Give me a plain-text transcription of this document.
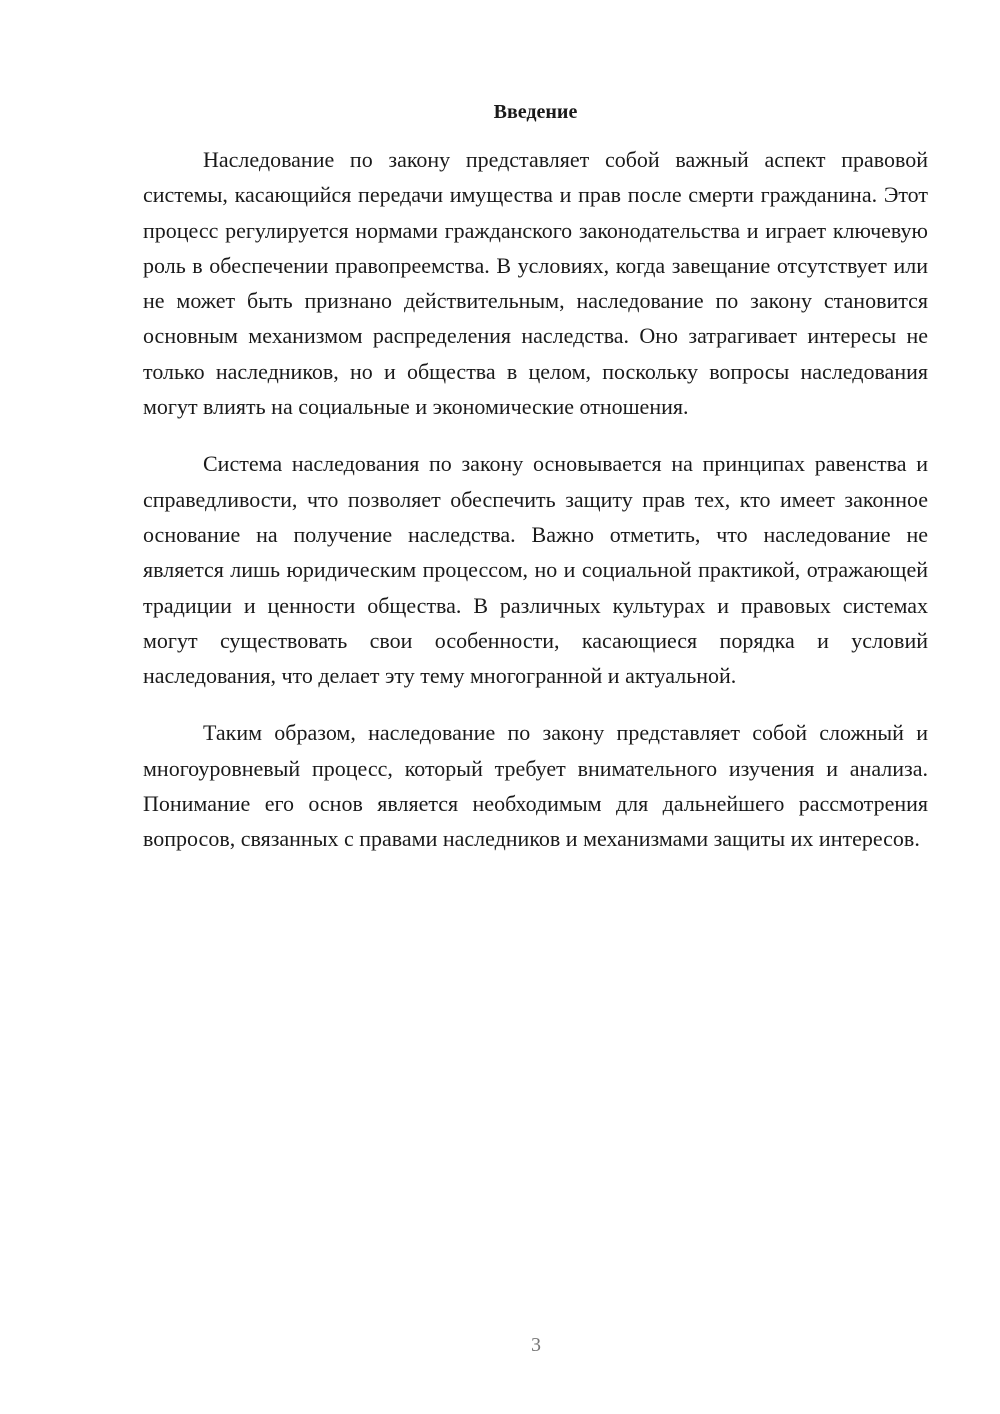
Введение

Наследование по закону представляет собой важный аспект правовой системы, касающийся передачи имущества и прав после смерти гражданина. Этот процесс регулируется нормами гражданского законодательства и играет ключевую роль в обеспечении правопреемства. В условиях, когда завещание отсутствует или не может быть признано действительным, наследование по закону становится основным механизмом распределения наследства. Оно затрагивает интересы не только наследников, но и общества в целом, поскольку вопросы наследования могут влиять на социальные и экономические отношения.

Система наследования по закону основывается на принципах равенства и справедливости, что позволяет обеспечить защиту прав тех, кто имеет законное основание на получение наследства. Важно отметить, что наследование не является лишь юридическим процессом, но и социальной практикой, отражающей традиции и ценности общества. В различных культурах и правовых системах могут существовать свои особенности, касающиеся порядка и условий наследования, что делает эту тему многогранной и актуальной.

Таким образом, наследование по закону представляет собой сложный и многоуровневый процесс, который требует внимательного изучения и анализа. Понимание его основ является необходимым для дальнейшего рассмотрения вопросов, связанных с правами наследников и механизмами защиты их интересов.

3
